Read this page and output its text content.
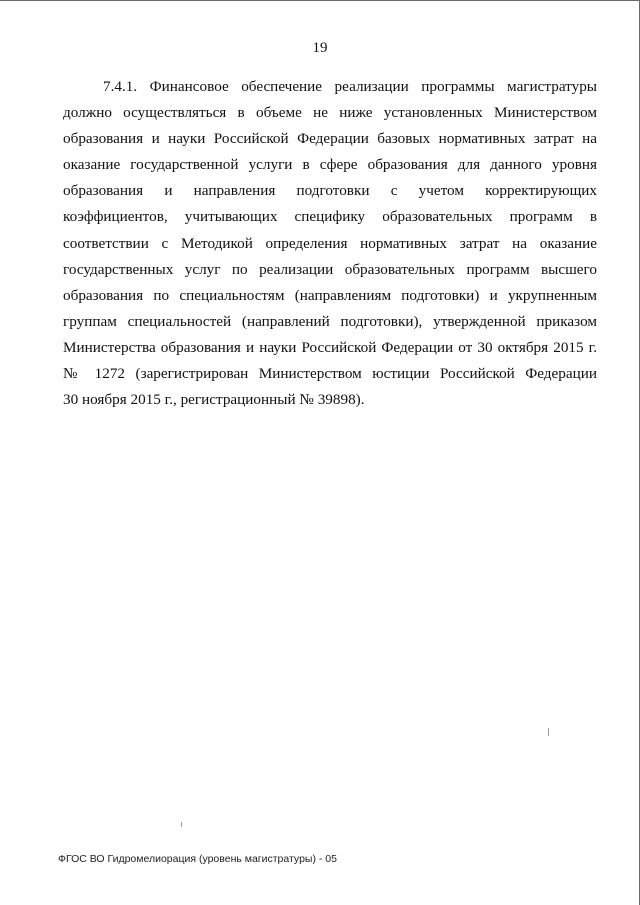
19

7.4.1. Финансовое обеспечение реализации программы магистратуры
должно осуществляться в объеме не ниже установленных Министерством
образования и науки Российской Федерации базовых нормативных затрат на
оказание государственной услуги в сфере образования для данного уровня
образования и направления подготовки с учетом корректирующих
коэффициентов, учитывающих специфику образовательных программ в
соответствии с Методикой определения нормативных затрат на оказание
государственных услуг по реализации образовательных программ высшего
образования по специальностям (направлениям подготовки) и укрупненным
группам специальностей (направлений подготовки), утвержденной приказом
Министерства образования и науки Российской Федерации от 30 октября 2015 г.
№ 1272 (зарегистрирован Министерством юстиции Российской Федерации
30 ноября 2015 г., регистрационный № 39898).

ФГОС ВО Гидромелиорация (уровень магистратуры) - 05
